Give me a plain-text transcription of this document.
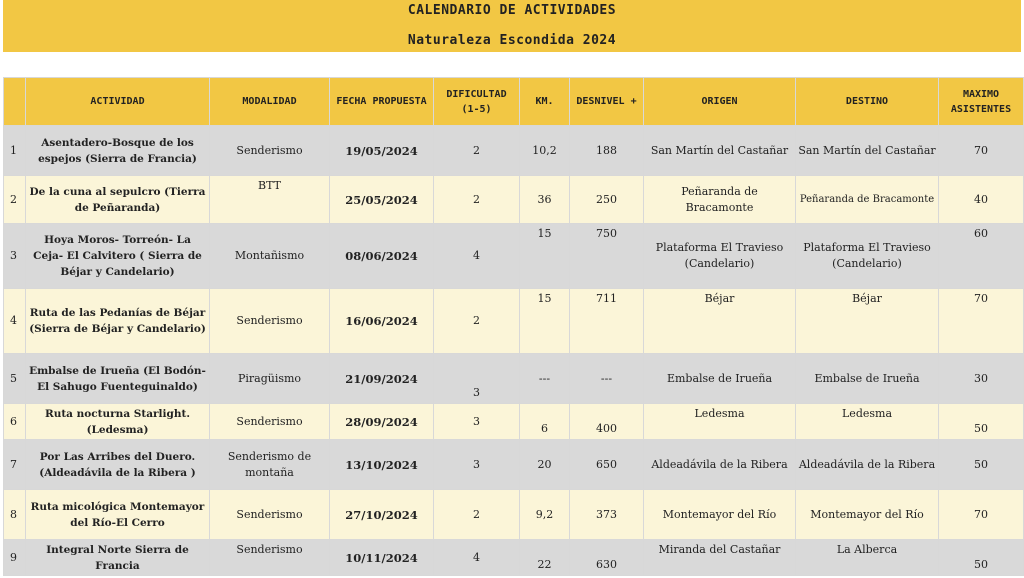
CALENDARIO DE ACTIVIDADES
Naturaleza Escondida 2024
	ACTIVIDAD	MODALIDAD	FECHA PROPUESTA	DIFICULTAD (1-5)	KM.	DESNIVEL +	ORIGEN	DESTINO	MAXIMO ASISTENTES
1	Asentadero-Bosque de los espejos (Sierra de Francia)	Senderismo	19/05/2024	2	10,2	188	San Martín del Castañar	San Martín del Castañar	70
2	De la cuna al sepulcro (Tierra de Peñaranda)	BTT	25/05/2024	2	36	250	Peñaranda de Bracamonte	Peñaranda de Bracamonte	40
3	Hoya Moros- Torreón- La Ceja- El Calvitero ( Sierra de Béjar y Candelario)	Montañismo	08/06/2024	4	15	750	Plataforma El Travieso (Candelario)	Plataforma El Travieso (Candelario)	60
4	Ruta de las Pedanías de Béjar (Sierra de Béjar y Candelario)	Senderismo	16/06/2024	2	15	711	Béjar	Béjar	70
5	Embalse de Irueña (El Bodón-El Sahugo Fuenteguinaldo)	Piragüismo	21/09/2024	3	---	---	Embalse de Irueña	Embalse de Irueña	30
6	Ruta nocturna Starlight. (Ledesma)	Senderismo	28/09/2024	3	6	400	Ledesma	Ledesma	50
7	Por Las Arribes del Duero. (Aldeadávila de la Ribera )	Senderismo de montaña	13/10/2024	3	20	650	Aldeadávila de la Ribera	Aldeadávila de la Ribera	50
8	Ruta micológica Montemayor del Río-El Cerro	Senderismo	27/10/2024	2	9,2	373	Montemayor del Río	Montemayor del Río	70
9	Integral Norte Sierra de Francia	Senderismo	10/11/2024	4	22	630	Miranda del Castañar	La Alberca	50
